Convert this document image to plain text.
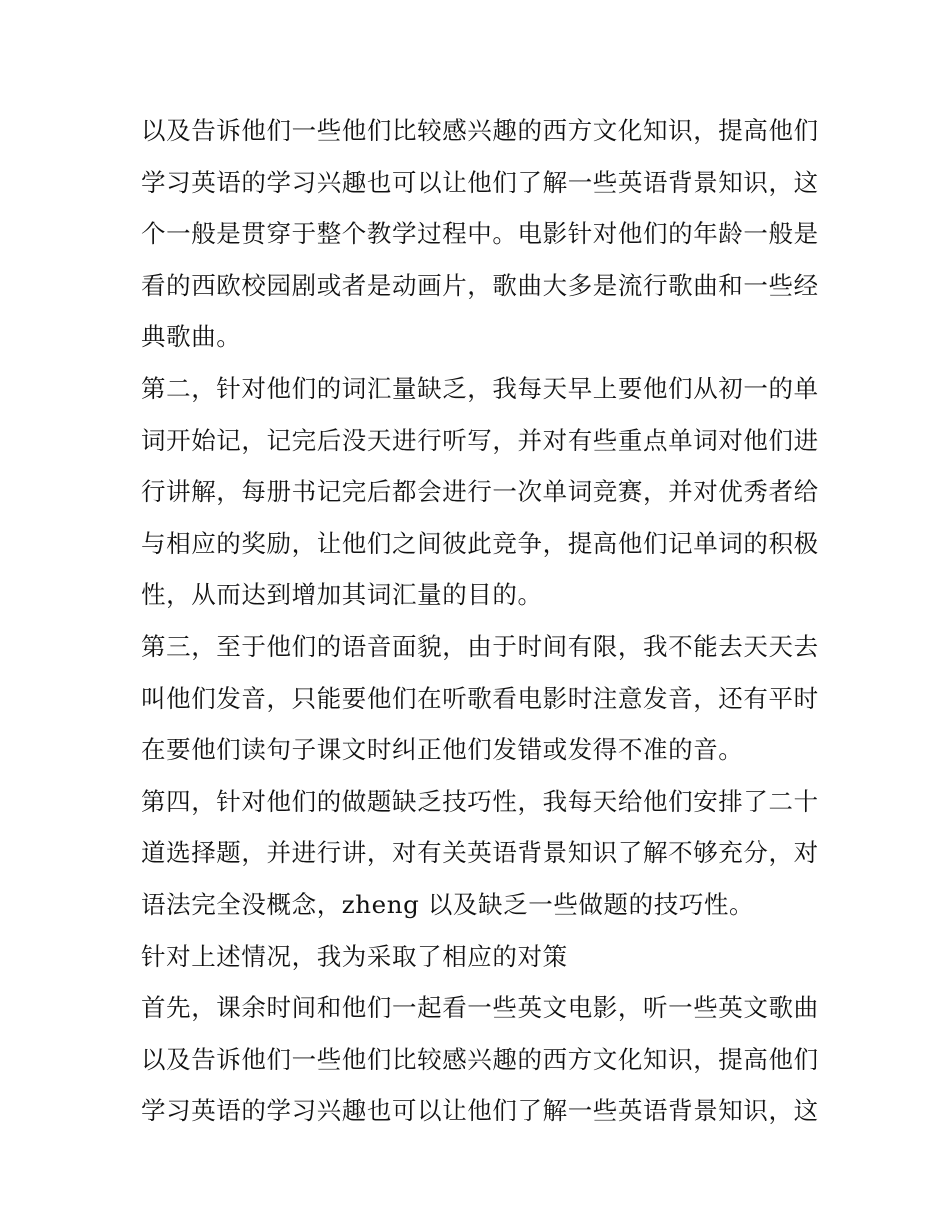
以及告诉他们一些他们比较感兴趣的西方文化知识，提高他们
学习英语的学习兴趣也可以让他们了解一些英语背景知识，这
个一般是贯穿于整个教学过程中。电影针对他们的年龄一般是
看的西欧校园剧或者是动画片，歌曲大多是流行歌曲和一些经
典歌曲。
第二，针对他们的词汇量缺乏，我每天早上要他们从初一的单
词开始记，记完后没天进行听写，并对有些重点单词对他们进
行讲解，每册书记完后都会进行一次单词竞赛，并对优秀者给
与相应的奖励，让他们之间彼此竞争，提高他们记单词的积极
性，从而达到增加其词汇量的目的。
第三，至于他们的语音面貌，由于时间有限，我不能去天天去
叫他们发音，只能要他们在听歌看电影时注意发音，还有平时
在要他们读句子课文时纠正他们发错或发得不准的音。
第四，针对他们的做题缺乏技巧性，我每天给他们安排了二十
道选择题，并进行讲，对有关英语背景知识了解不够充分，对
语法完全没概念，zheng 以及缺乏一些做题的技巧性。
针对上述情况，我为采取了相应的对策
首先，课余时间和他们一起看一些英文电影，听一些英文歌曲
以及告诉他们一些他们比较感兴趣的西方文化知识，提高他们
学习英语的学习兴趣也可以让他们了解一些英语背景知识，这
